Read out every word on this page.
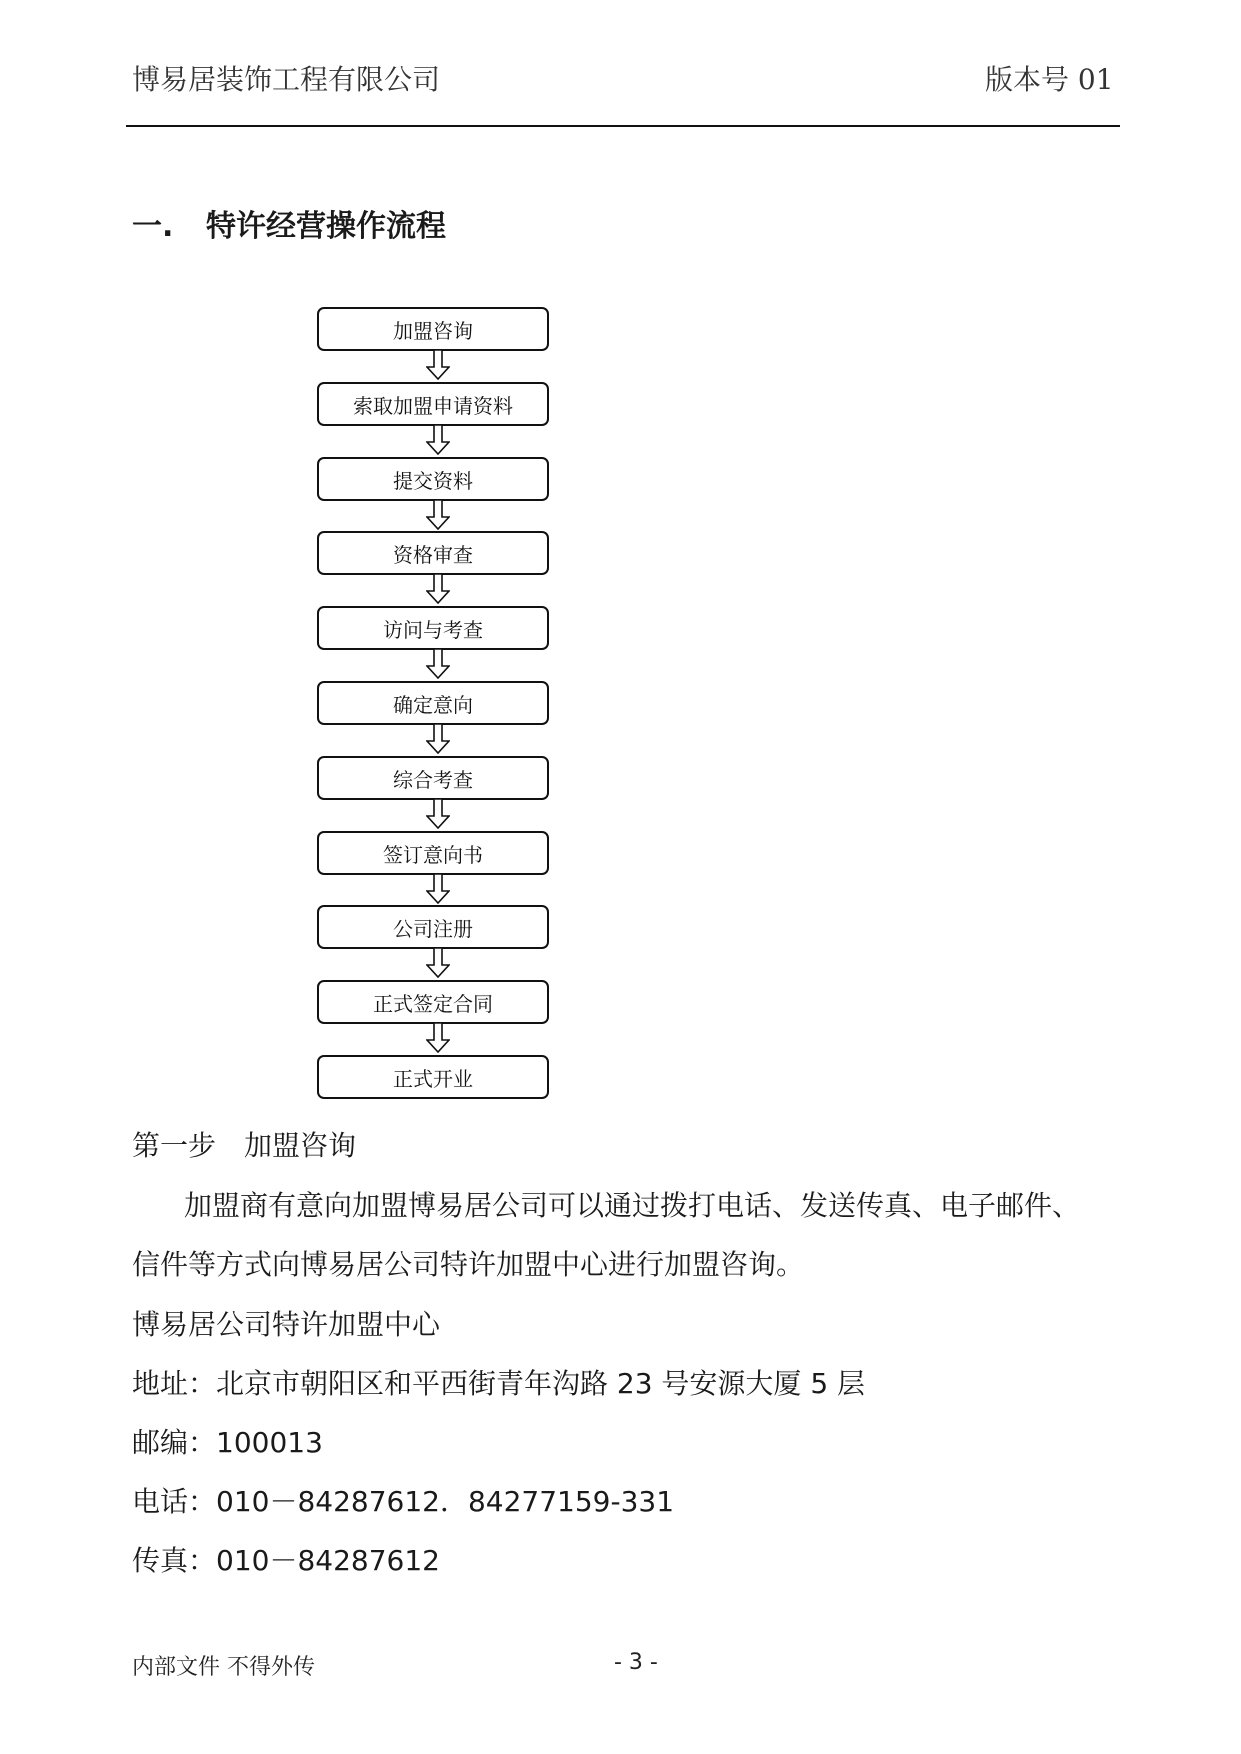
博易居装饰工程有限公司	版本号 01
一. 特许经营操作流程
加盟咨询
索取加盟申请资料
提交资料
资格审查
访问与考查
确定意向
综合考查
签订意向书
公司注册
正式签定合同
正式开业
第一步　加盟咨询
加盟商有意向加盟博易居公司可以通过拨打电话、发送传真、电子邮件、
信件等方式向博易居公司特许加盟中心进行加盟咨询。
博易居公司特许加盟中心
地址：北京市朝阳区和平西街青年沟路 23 号安源大厦 5 层
邮编：100013
电话：010－84287612．84277159-331
传真：010－84287612
内部文件 不得外传	- 3 -
